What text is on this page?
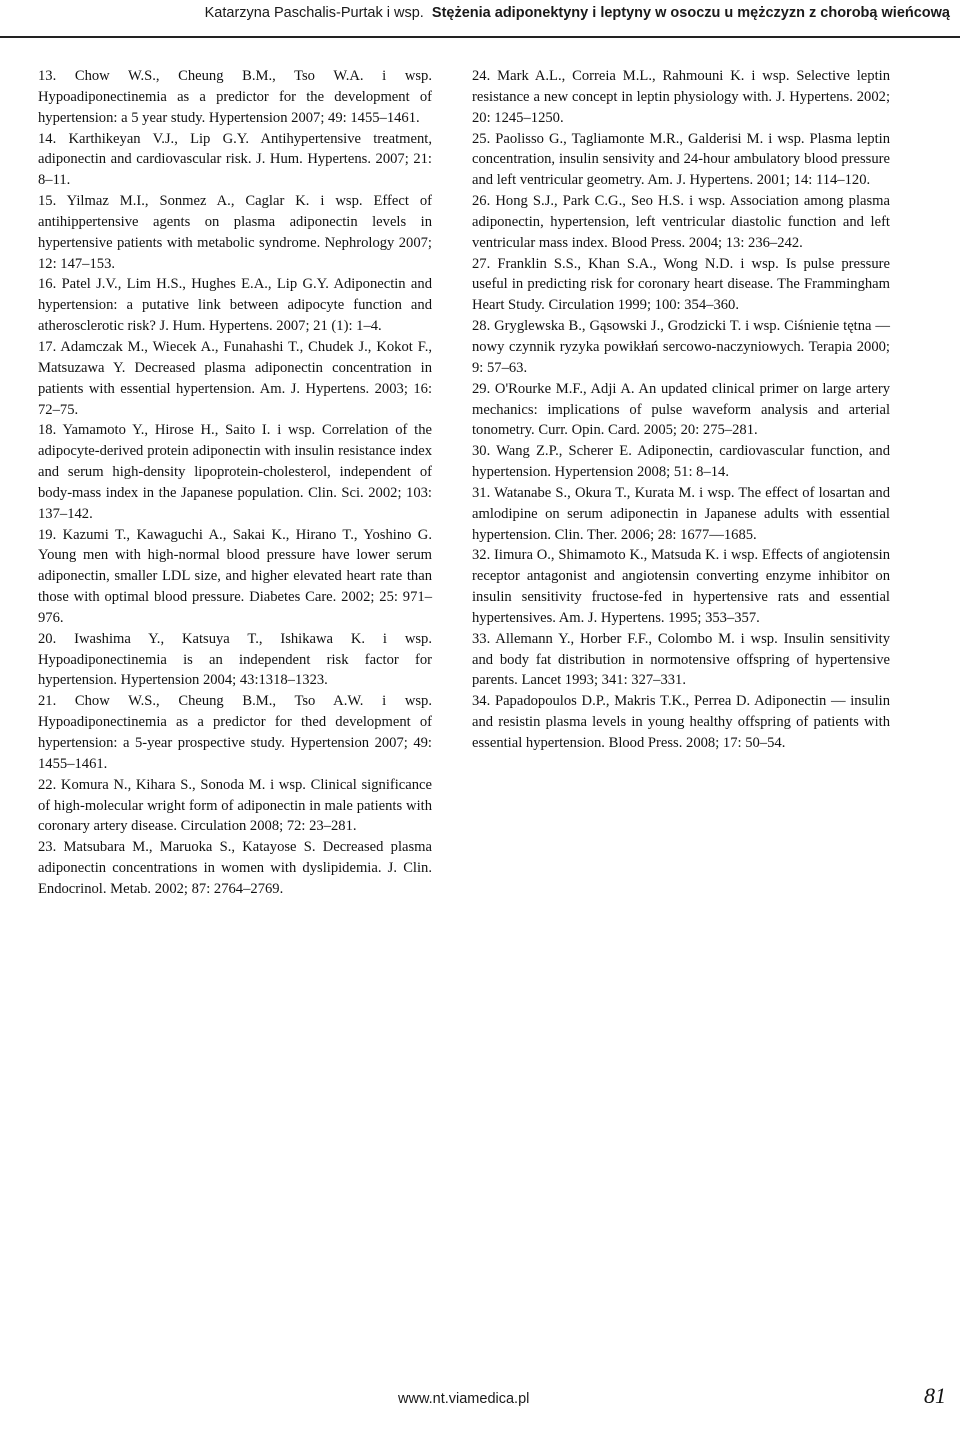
Katarzyna Paschalis-Purtak i wsp. Stężenia adiponektyny i leptyny w osoczu u mężczyzn z chorobą wieńcową

13. Chow W.S., Cheung B.M., Tso W.A. i wsp. Hypoadiponectinemia as a predictor for the development of hypertension: a 5 year study. Hypertension 2007; 49: 1455–1461.

14. Karthikeyan V.J., Lip G.Y. Antihypertensive treatment, adiponectin and cardiovascular risk. J. Hum. Hypertens. 2007; 21: 8–11.

15. Yilmaz M.I., Sonmez A., Caglar K. i wsp. Effect of antihippertensive agents on plasma adiponectin levels in hypertensive patients with metabolic syndrome. Nephrology 2007; 12: 147–153.

16. Patel J.V., Lim H.S., Hughes E.A., Lip G.Y. Adiponectin and hypertension: a putative link between adipocyte function and atherosclerotic risk? J. Hum. Hypertens. 2007; 21 (1): 1–4.

17. Adamczak M., Wiecek A., Funahashi T., Chudek J., Kokot F., Matsuzawa Y. Decreased plasma adiponectin concentration in patients with essential hypertension. Am. J. Hypertens. 2003; 16: 72–75.

18. Yamamoto Y., Hirose H., Saito I. i wsp. Correlation of the adipocyte-derived protein adiponectin with insulin resistance index and serum high-density lipoprotein-cholesterol, independent of body-mass index in the Japanese population. Clin. Sci. 2002; 103: 137–142.

19. Kazumi T., Kawaguchi A., Sakai K., Hirano T., Yoshino G. Young men with high-normal blood pressure have lower serum adiponectin, smaller LDL size, and higher elevated heart rate than those with optimal blood pressure. Diabetes Care. 2002; 25: 971–976.

20. Iwashima Y., Katsuya T., Ishikawa K. i wsp. Hypoadiponectinemia is an independent risk factor for hypertension. Hypertension 2004; 43:1318–1323.

21. Chow W.S., Cheung B.M., Tso A.W. i wsp. Hypoadiponectinemia as a predictor for thed development of hypertension: a 5-year prospective study. Hypertension 2007; 49: 1455–1461.

22. Komura N., Kihara S., Sonoda M. i wsp. Clinical significance of high-molecular wright form of adiponectin in male patients with coronary artery disease. Circulation 2008; 72: 23–281.

23. Matsubara M., Maruoka S., Katayose S. Decreased plasma adiponectin concentrations in women with dyslipidemia. J. Clin. Endocrinol. Metab. 2002; 87: 2764–2769.

24. Mark A.L., Correia M.L., Rahmouni K. i wsp. Selective leptin resistance a new concept in leptin physiology with. J. Hypertens. 2002; 20: 1245–1250.

25. Paolisso G., Tagliamonte M.R., Galderisi M. i wsp. Plasma leptin concentration, insulin sensivity and 24-hour ambulatory blood pressure and left ventricular geometry. Am. J. Hypertens. 2001; 14: 114–120.

26. Hong S.J., Park C.G., Seo H.S. i wsp. Association among plasma adiponectin, hypertension, left ventricular diastolic function and left ventricular mass index. Blood Press. 2004; 13: 236–242.

27. Franklin S.S., Khan S.A., Wong N.D. i wsp. Is pulse pressure useful in predicting risk for coronary heart disease. The Frammingham Heart Study. Circulation 1999; 100: 354–360.

28. Gryglewska B., Gąsowski J., Grodzicki T. i wsp. Ciśnienie tętna — nowy czynnik ryzyka powikłań sercowo-naczyniowych. Terapia 2000; 9: 57–63.

29. O'Rourke M.F., Adji A. An updated clinical primer on large artery mechanics: implications of pulse waveform analysis and arterial tonometry. Curr. Opin. Card. 2005; 20: 275–281.

30. Wang Z.P., Scherer E. Adiponectin, cardiovascular function, and hypertension. Hypertension 2008; 51: 8–14.

31. Watanabe S., Okura T., Kurata M. i wsp. The effect of losartan and amlodipine on serum adiponectin in Japanese adults with essential hypertension. Clin. Ther. 2006; 28: 1677––1685.

32. Iimura O., Shimamoto K., Matsuda K. i wsp. Effects of angiotensin receptor antagonist and angiotensin converting enzyme inhibitor on insulin sensitivity fructose-fed in hypertensive rats and essential hypertensives. Am. J. Hypertens. 1995; 353–357.

33. Allemann Y., Horber F.F., Colombo M. i wsp. Insulin sensitivity and body fat distribution in normotensive offspring of hypertensive parents. Lancet 1993; 341: 327–331.

34. Papadopoulos D.P., Makris T.K., Perrea D. Adiponectin — insulin and resistin plasma levels in young healthy offspring of patients with essential hypertension. Blood Press. 2008; 17: 50–54.

www.nt.viamedica.pl	81
